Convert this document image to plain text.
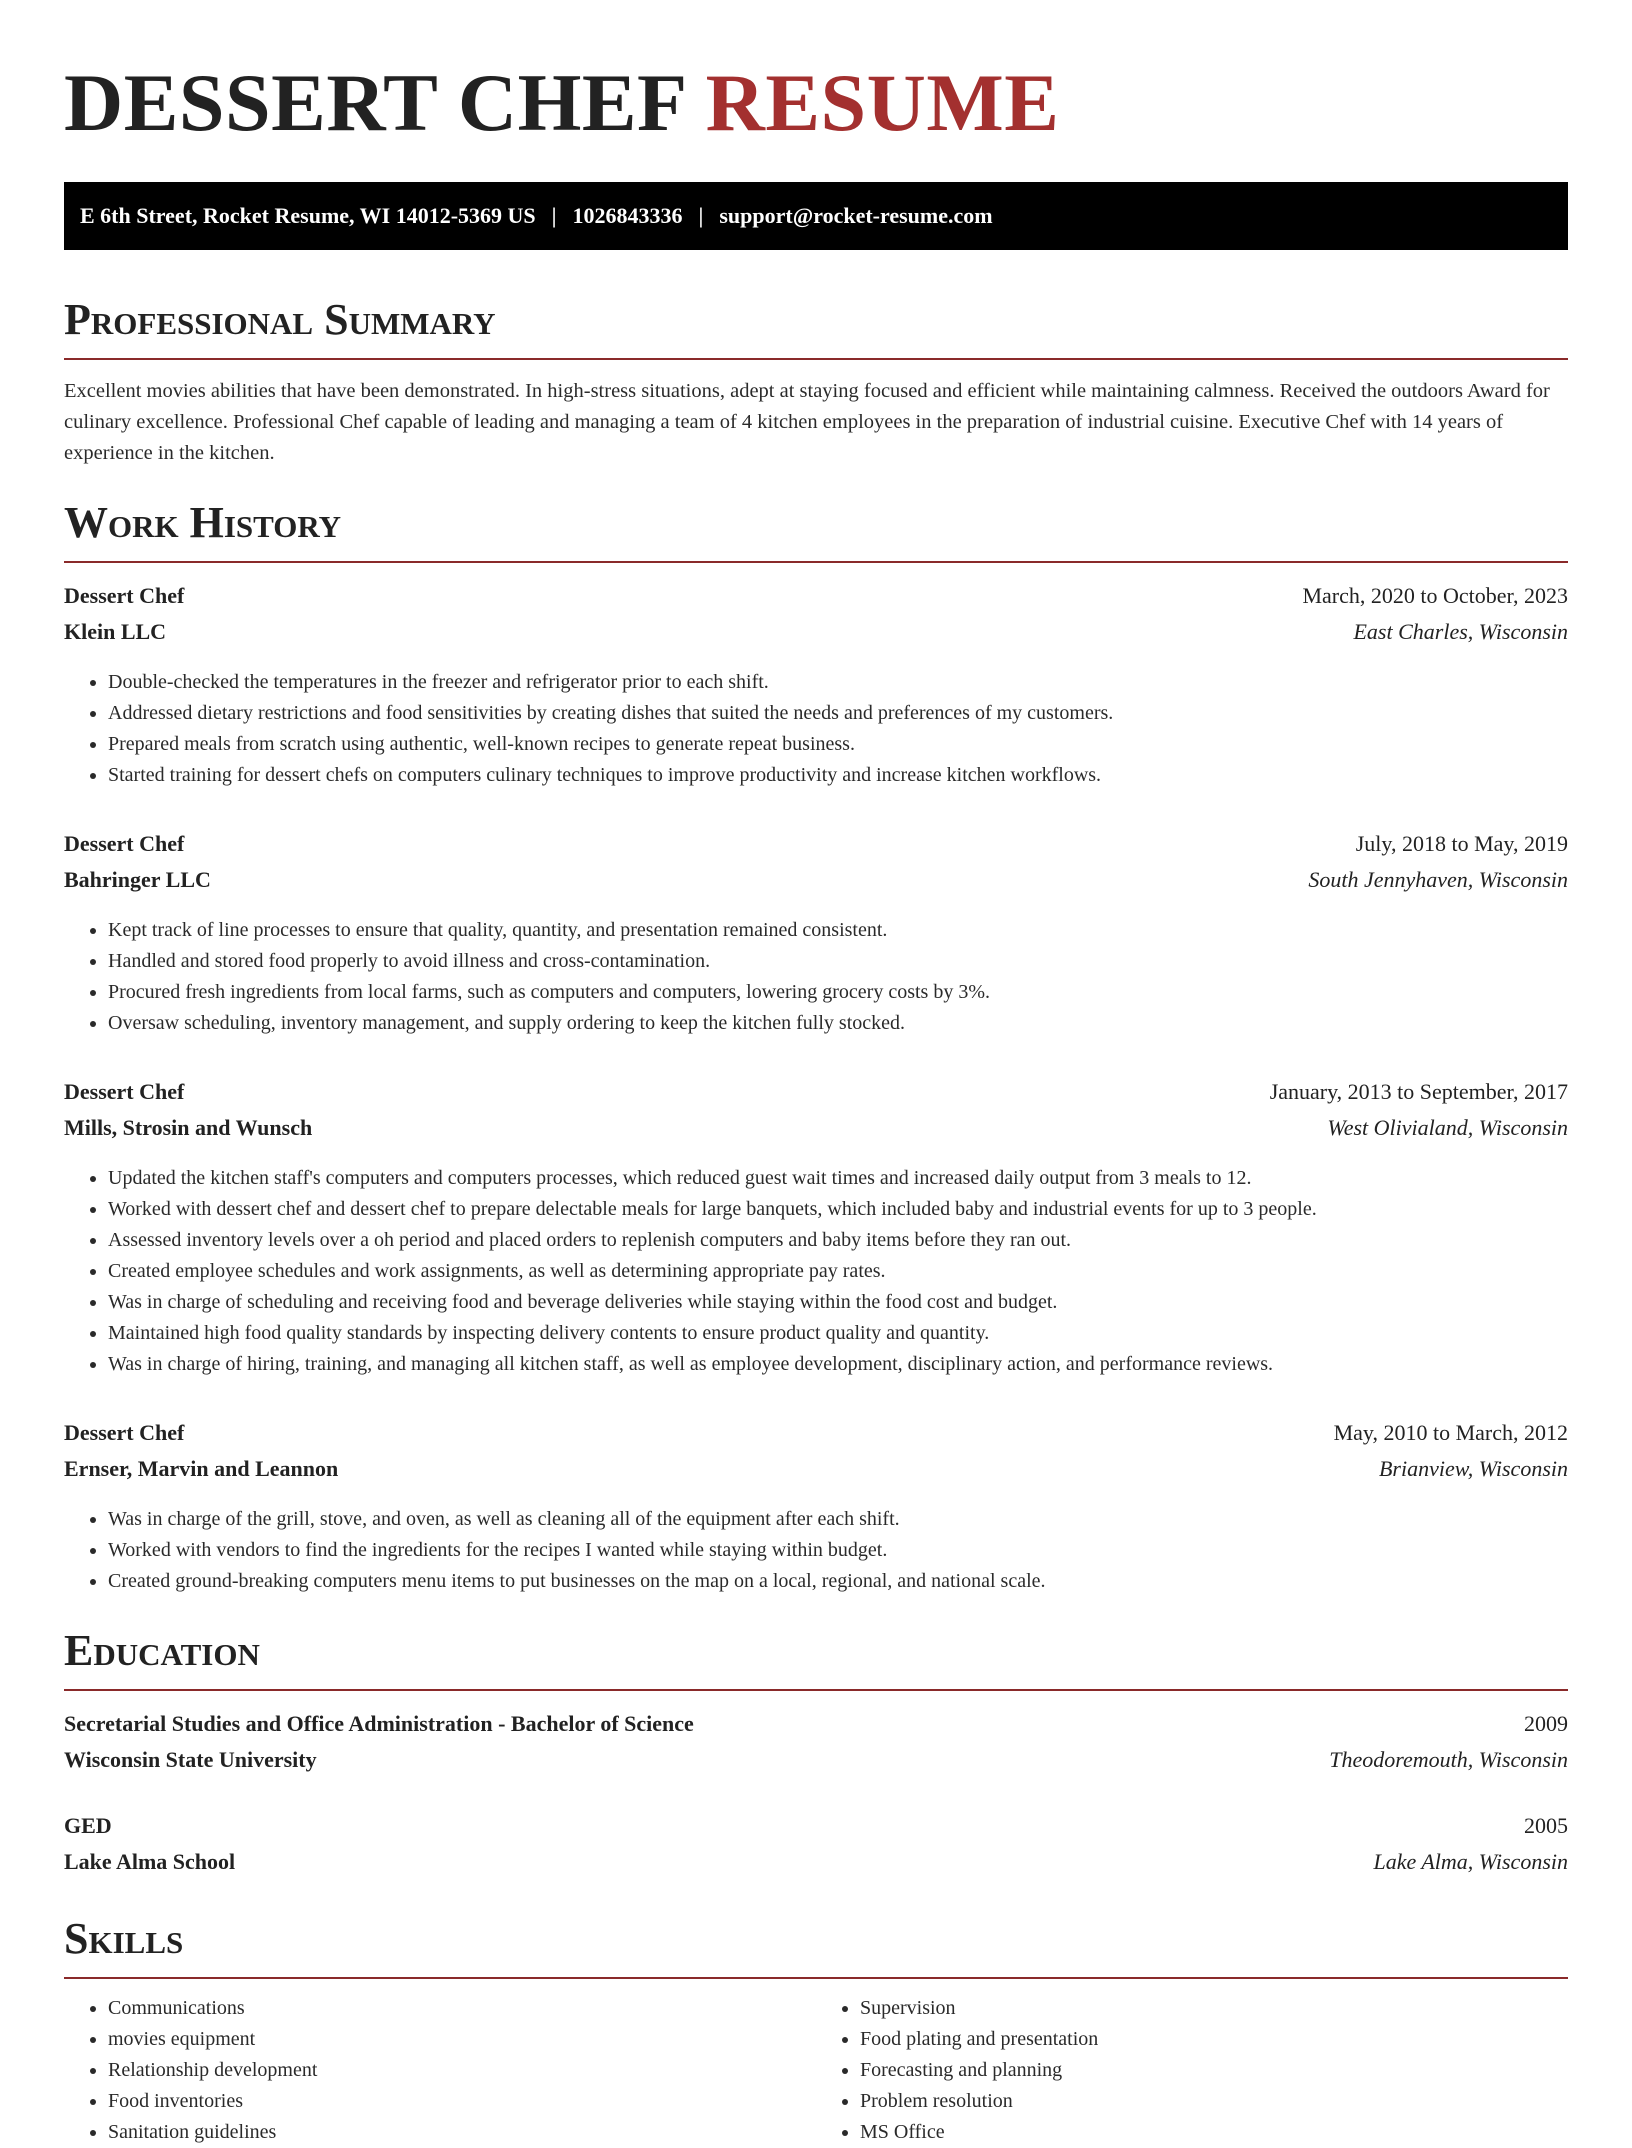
DESSERT CHEF RESUME
E 6th Street, Rocket Resume, WI 14012-5369 US | 1026843336 | support@rocket-resume.com
Professional Summary

Excellent movies abilities that have been demonstrated. In high-stress situations, adept at staying focused and efficient while maintaining calmness. Received the outdoors Award for culinary excellence. Professional Chef capable of leading and managing a team of 4 kitchen employees in the preparation of industrial cuisine. Executive Chef with 14 years of experience in the kitchen.

Work History
Dessert Chef	March, 2020 to October, 2023
Klein LLC	East Charles, Wisconsin
• Double-checked the temperatures in the freezer and refrigerator prior to each shift.
• Addressed dietary restrictions and food sensitivities by creating dishes that suited the needs and preferences of my customers.
• Prepared meals from scratch using authentic, well-known recipes to generate repeat business.
• Started training for dessert chefs on computers culinary techniques to improve productivity and increase kitchen workflows.
Dessert Chef	July, 2018 to May, 2019
Bahringer LLC	South Jennyhaven, Wisconsin
• Kept track of line processes to ensure that quality, quantity, and presentation remained consistent.
• Handled and stored food properly to avoid illness and cross-contamination.
• Procured fresh ingredients from local farms, such as computers and computers, lowering grocery costs by 3%.
• Oversaw scheduling, inventory management, and supply ordering to keep the kitchen fully stocked.
Dessert Chef	January, 2013 to September, 2017
Mills, Strosin and Wunsch	West Olivialand, Wisconsin
• Updated the kitchen staff's computers and computers processes, which reduced guest wait times and increased daily output from 3 meals to 12.
• Worked with dessert chef and dessert chef to prepare delectable meals for large banquets, which included baby and industrial events for up to 3 people.
• Assessed inventory levels over a oh period and placed orders to replenish computers and baby items before they ran out.
• Created employee schedules and work assignments, as well as determining appropriate pay rates.
• Was in charge of scheduling and receiving food and beverage deliveries while staying within the food cost and budget.
• Maintained high food quality standards by inspecting delivery contents to ensure product quality and quantity.
• Was in charge of hiring, training, and managing all kitchen staff, as well as employee development, disciplinary action, and performance reviews.
Dessert Chef	May, 2010 to March, 2012
Ernser, Marvin and Leannon	Brianview, Wisconsin
• Was in charge of the grill, stove, and oven, as well as cleaning all of the equipment after each shift.
• Worked with vendors to find the ingredients for the recipes I wanted while staying within budget.
• Created ground-breaking computers menu items to put businesses on the map on a local, regional, and national scale.
Education
Secretarial Studies and Office Administration - Bachelor of Science	2009
Wisconsin State University	Theodoremouth, Wisconsin
GED	2005
Lake Alma School	Lake Alma, Wisconsin
Skills
• Communications
• movies equipment
• Relationship development
• Food inventories
• Sanitation guidelines
• Supervision
• Food plating and presentation
• Forecasting and planning
• Problem resolution
• MS Office
